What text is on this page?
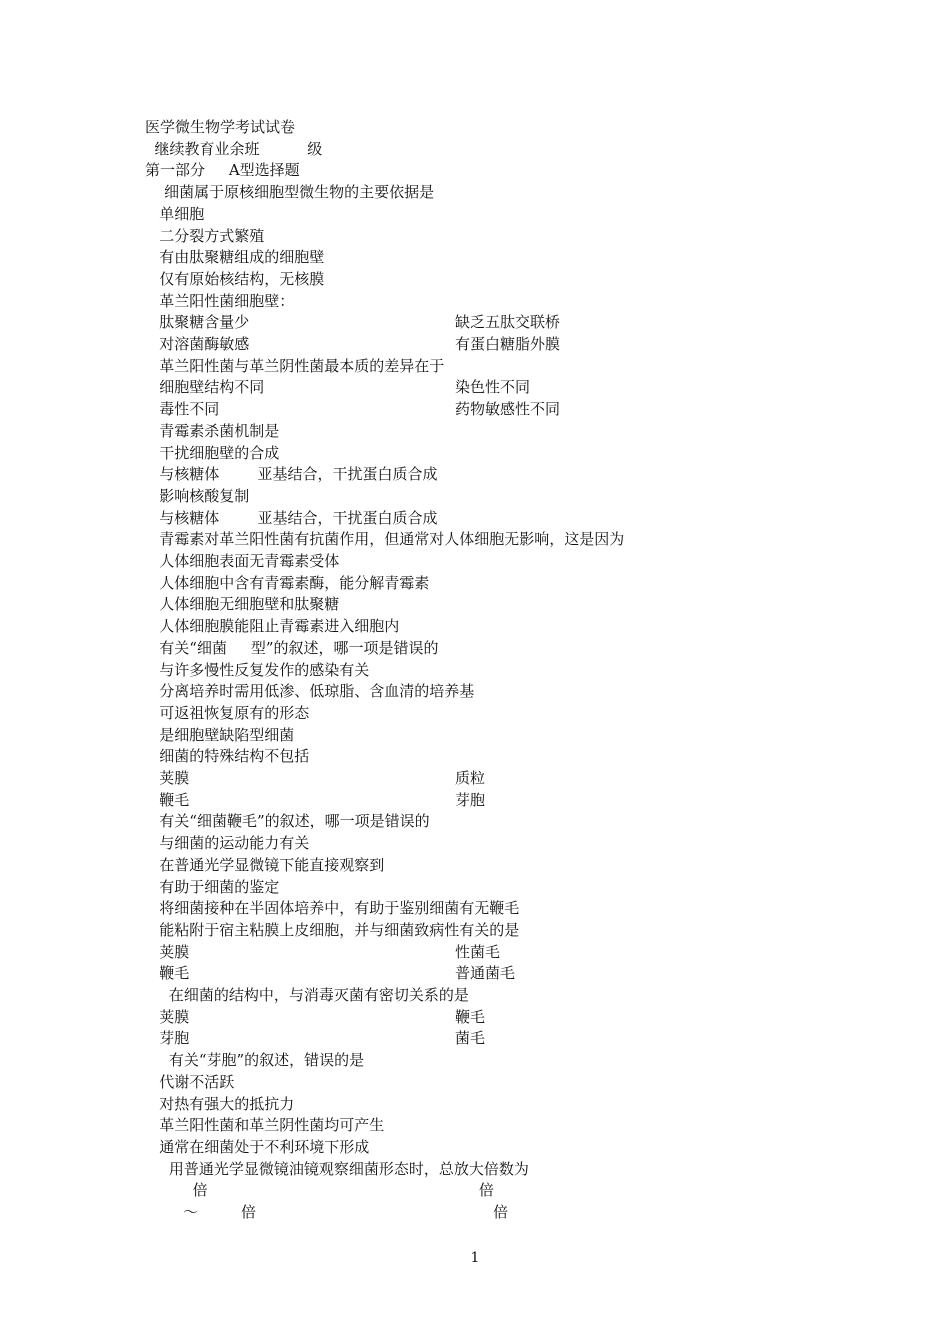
医学微生物学考试试卷
继续教育业余班          级
第一部分     A型选择题
细菌属于原核细胞型微生物的主要依据是
单细胞
二分裂方式繁殖
有由肽聚糖组成的细胞壁
仅有原始核结构，无核膜
革兰阳性菌细胞壁：
肽聚糖含量少	缺乏五肽交联桥
对溶菌酶敏感	有蛋白糖脂外膜
革兰阳性菌与革兰阴性菌最本质的差异在于
细胞壁结构不同	染色性不同
毒性不同	药物敏感性不同
青霉素杀菌机制是
干扰细胞壁的合成
与核糖体        亚基结合，干扰蛋白质合成
影响核酸复制
与核糖体        亚基结合，干扰蛋白质合成
青霉素对革兰阳性菌有抗菌作用，但通常对人体细胞无影响，这是因为
人体细胞表面无青霉素受体
人体细胞中含有青霉素酶，能分解青霉素
人体细胞无细胞壁和肽聚糖
人体细胞膜能阻止青霉素进入细胞内
有关“细菌     型”的叙述，哪一项是错误的
与许多慢性反复发作的感染有关
分离培养时需用低渗、低琼脂、含血清的培养基
可返祖恢复原有的形态
是细胞壁缺陷型细菌
细菌的特殊结构不包括
荚膜	质粒
鞭毛	芽胞
有关“细菌鞭毛”的叙述，哪一项是错误的
与细菌的运动能力有关
在普通光学显微镜下能直接观察到
有助于细菌的鉴定
将细菌接种在半固体培养中，有助于鉴别细菌有无鞭毛
能粘附于宿主粘膜上皮细胞，并与细菌致病性有关的是
荚膜	性菌毛
鞭毛	普通菌毛
在细菌的结构中，与消毒灭菌有密切关系的是
荚膜	鞭毛
芽胞	菌毛
有关“芽胞”的叙述，错误的是
代谢不活跃
对热有强大的抵抗力
革兰阳性菌和革兰阴性菌均可产生
通常在细菌处于不利环境下形成
用普通光学显微镜油镜观察细菌形态时，总放大倍数为
倍	倍
～         倍	倍
1
